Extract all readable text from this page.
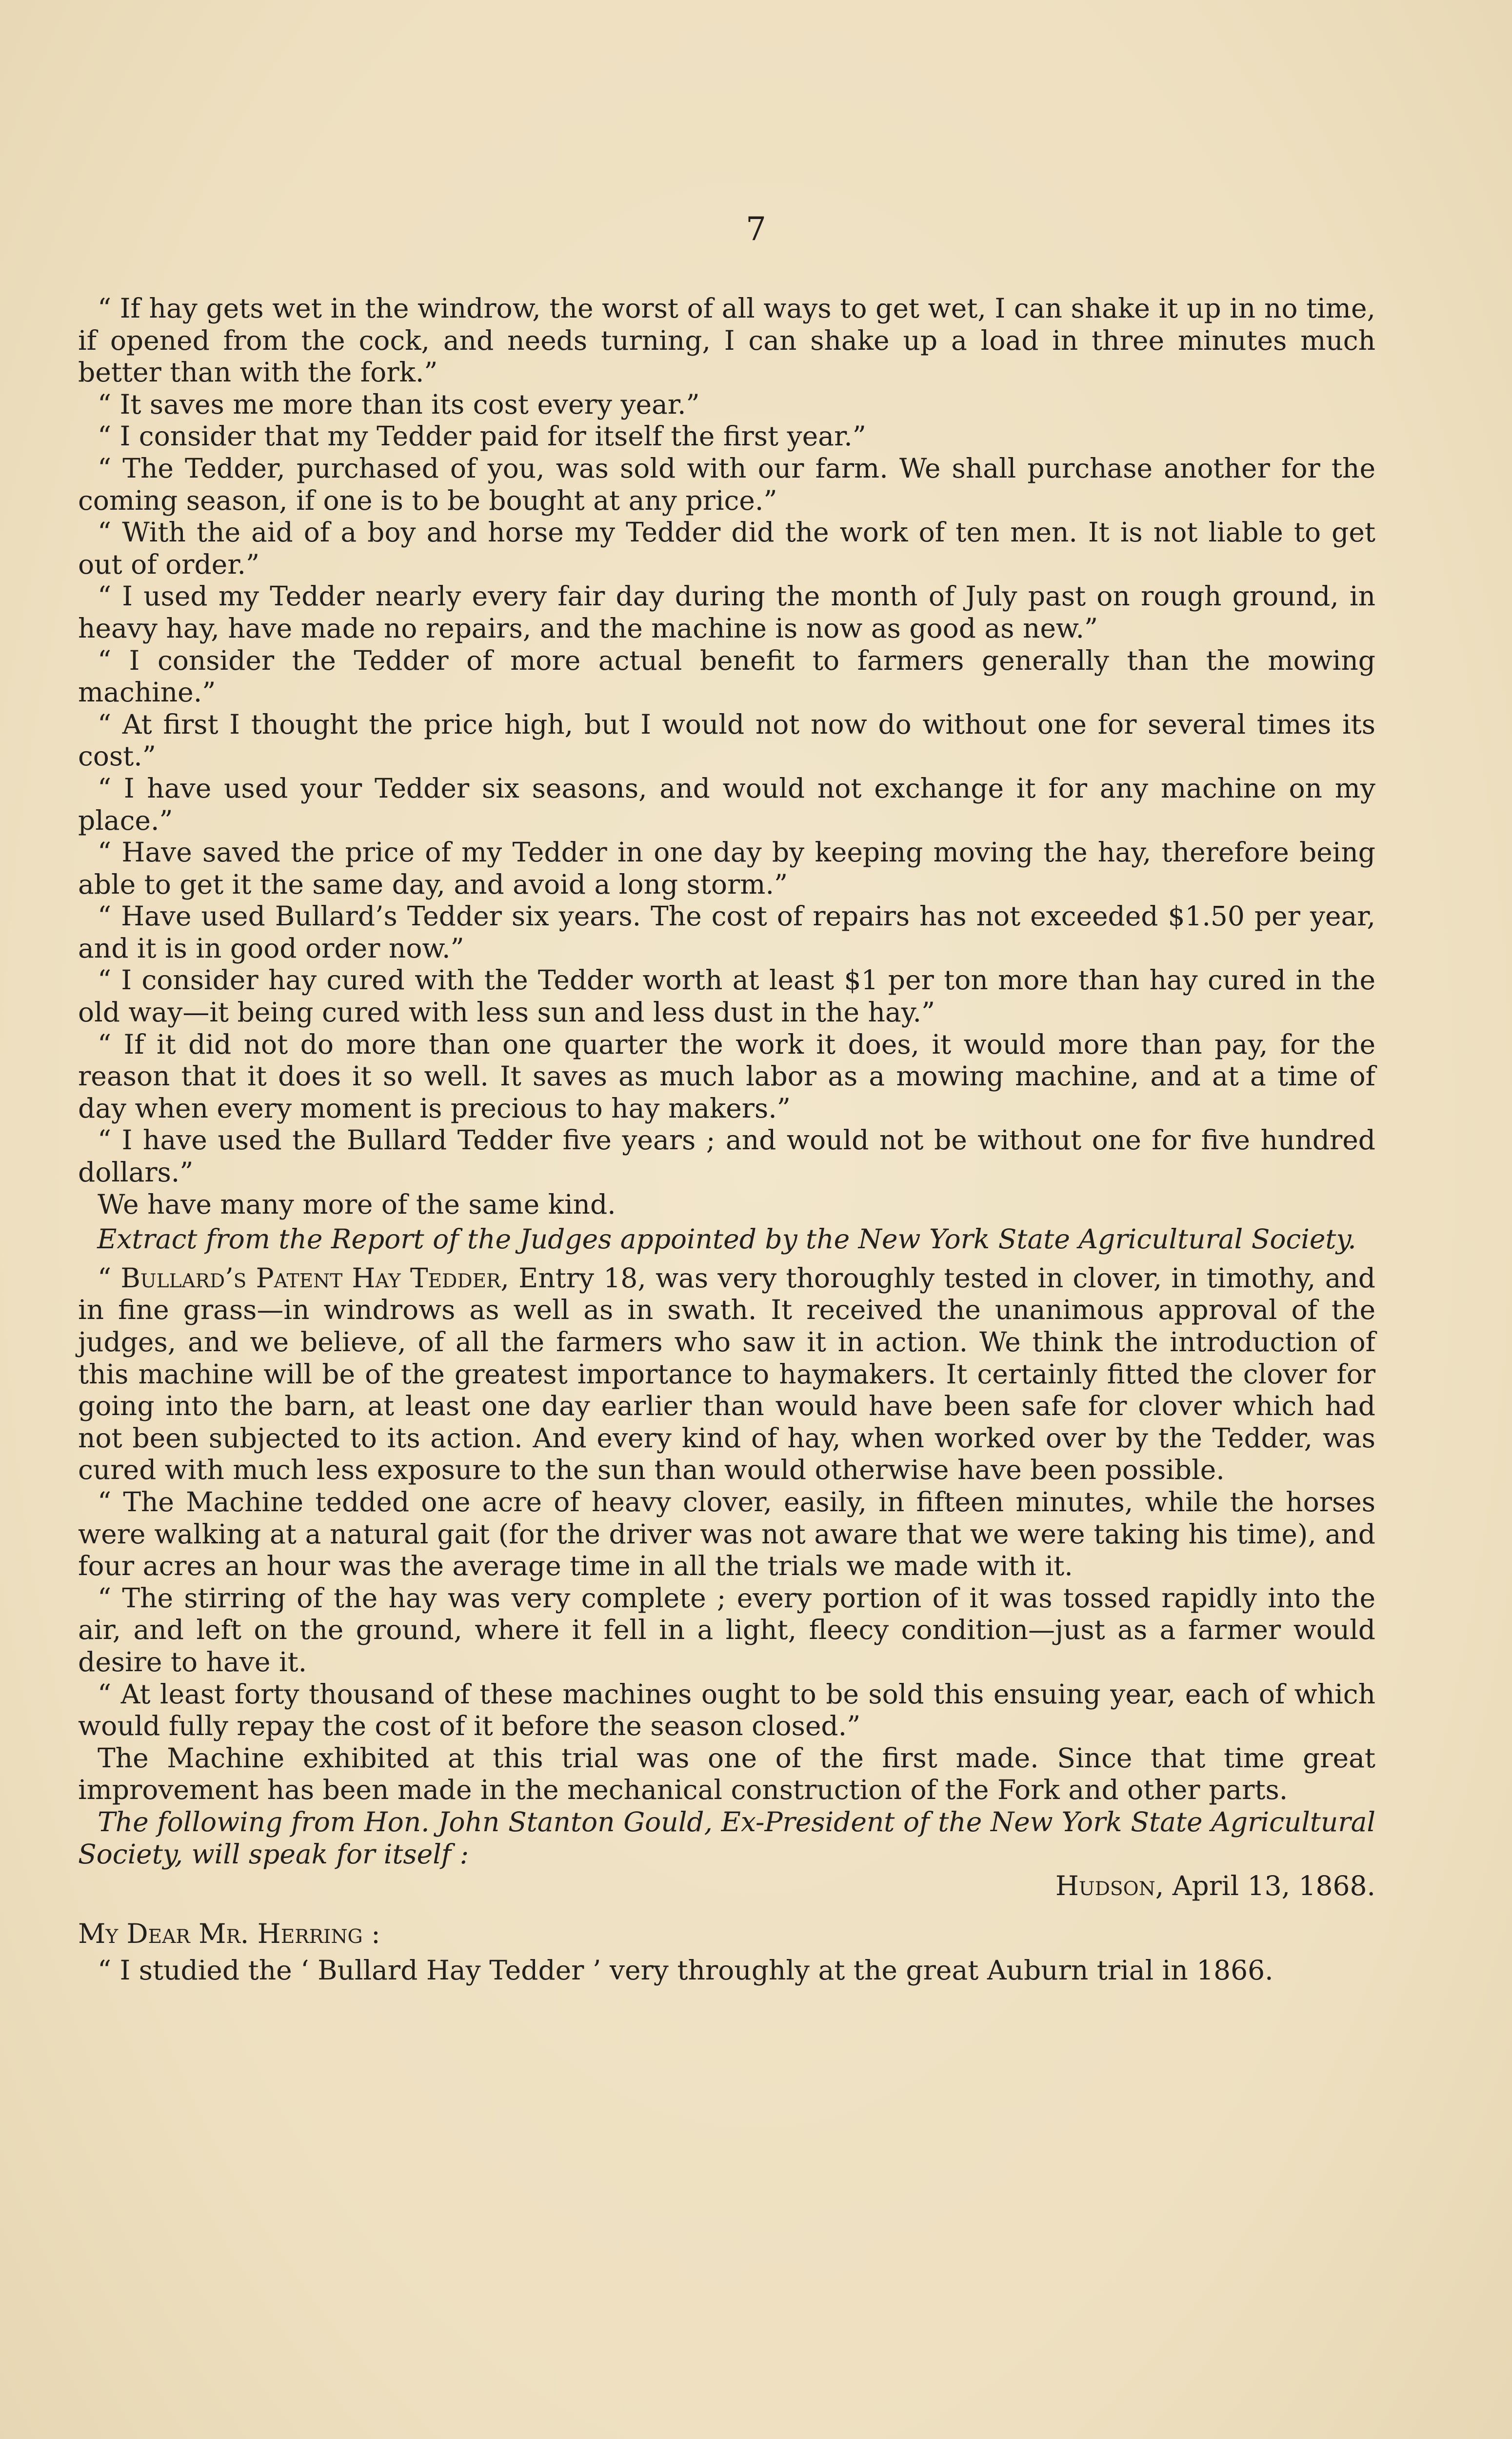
7

“ If hay gets wet in the windrow, the worst of all ways to get wet, I can shake it up in no time, if opened from the cock, and needs turning, I can shake up a load in three minutes much better than with the fork.”

“ It saves me more than its cost every year.”

“ I consider that my Tedder paid for itself the first year.”

“ The Tedder, purchased of you, was sold with our farm. We shall purchase another for the coming season, if one is to be bought at any price.”

“ With the aid of a boy and horse my Tedder did the work of ten men. It is not liable to get out of order.”

“ I used my Tedder nearly every fair day during the month of July past on rough ground, in heavy hay, have made no repairs, and the machine is now as good as new.”

“ I consider the Tedder of more actual benefit to farmers generally than the mowing machine.”

“ At first I thought the price high, but I would not now do without one for several times its cost.”

“ I have used your Tedder six seasons, and would not exchange it for any machine on my place.”

“ Have saved the price of my Tedder in one day by keeping moving the hay, therefore being able to get it the same day, and avoid a long storm.”

“ Have used Bullard’s Tedder six years. The cost of repairs has not exceeded $1.50 per year, and it is in good order now.”

“ I consider hay cured with the Tedder worth at least $1 per ton more than hay cured in the old way—it being cured with less sun and less dust in the hay.”

“ If it did not do more than one quarter the work it does, it would more than pay, for the reason that it does it so well. It saves as much labor as a mowing machine, and at a time of day when every moment is precious to hay makers.”

“ I have used the Bullard Tedder five years ; and would not be without one for five hundred dollars.”

We have many more of the same kind.

Extract from the Report of the Judges appointed by the New York State Agricultural Society.

“ Bullard’s Patent Hay Tedder, Entry 18, was very thoroughly tested in clover, in timothy, and in fine grass—in windrows as well as in swath. It received the unanimous approval of the judges, and we believe, of all the farmers who saw it in action. We think the introduction of this machine will be of the greatest importance to haymakers. It certainly fitted the clover for going into the barn, at least one day earlier than would have been safe for clover which had not been subjected to its action. And every kind of hay, when worked over by the Tedder, was cured with much less exposure to the sun than would otherwise have been possible.

“ The Machine tedded one acre of heavy clover, easily, in fifteen minutes, while the horses were walking at a natural gait (for the driver was not aware that we were taking his time), and four acres an hour was the average time in all the trials we made with it.

“ The stirring of the hay was very complete ; every portion of it was tossed rapidly into the air, and left on the ground, where it fell in a light, fleecy condition—just as a farmer would desire to have it.

“ At least forty thousand of these machines ought to be sold this ensuing year, each of which would fully repay the cost of it before the season closed.”

The Machine exhibited at this trial was one of the first made. Since that time great improvement has been made in the mechanical construction of the Fork and other parts.

The following from Hon. John Stanton Gould, Ex-President of the New York State Agricultural Society, will speak for itself :

Hudson, April 13, 1868.

My Dear Mr. Herring :

“ I studied the ‘ Bullard Hay Tedder ’ very throughly at the great Auburn trial in 1866.
